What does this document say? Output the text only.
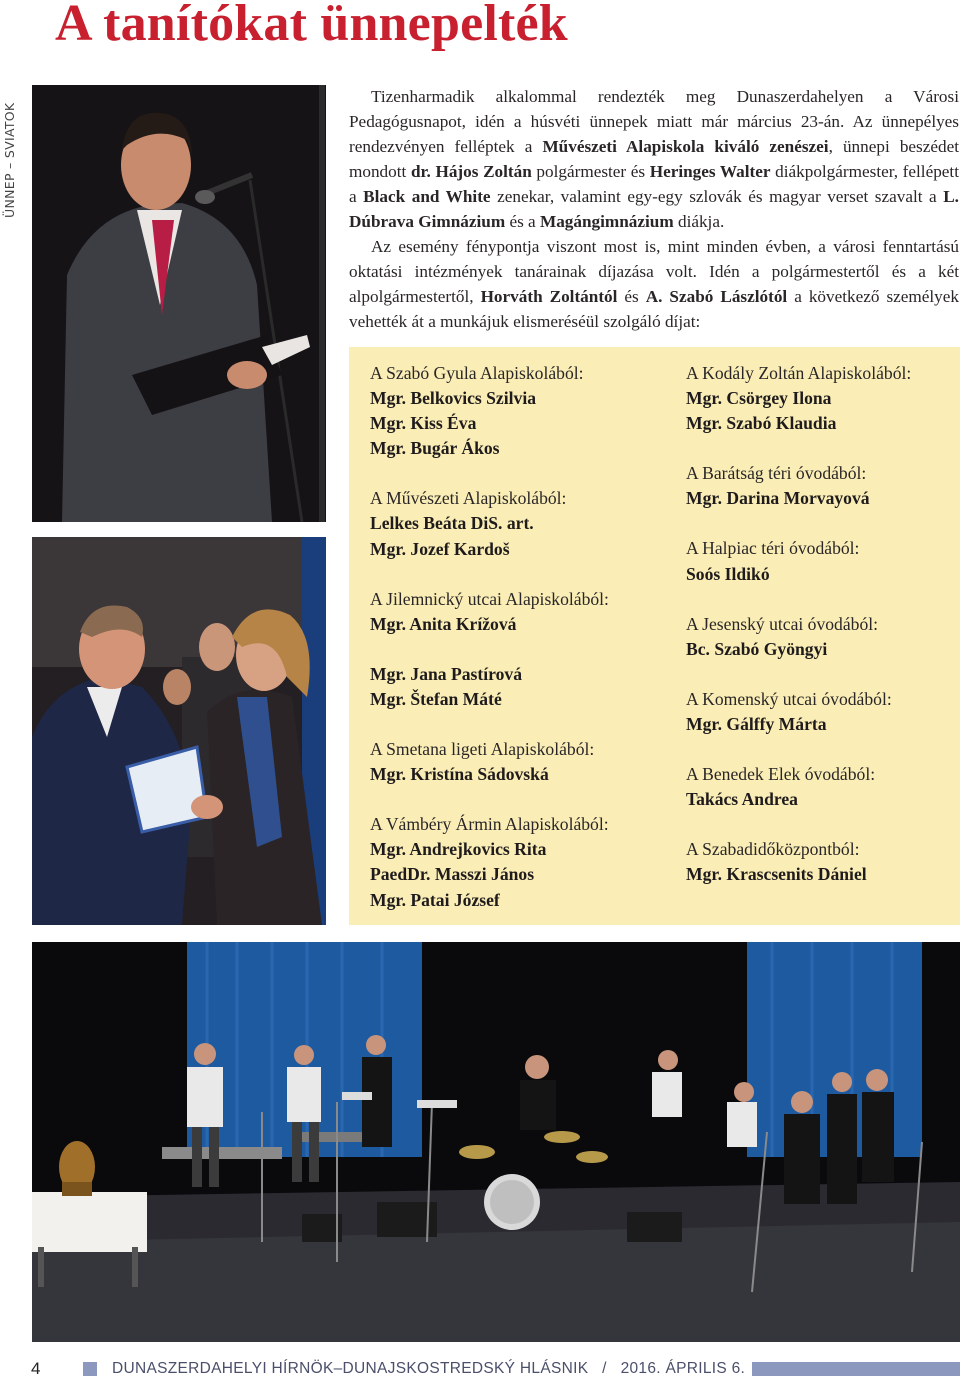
A tanítókat ünnepelték
ÜNNEP – SVIATOK

Tizenharmadik alkalommal rendezték meg Dunaszerdahelyen a Városi Pedagógusnapot, idén a húsvéti ünnepek miatt már március 23-án. Az ünnepélyes rendezvényen felléptek a Művészeti Alapiskola kiváló zenészei, ünnepi beszédet mondott dr. Hájos Zoltán polgármester és Heringes Walter diákpolgármester, fellépett a Black and White zenekar, valamint egy-egy szlovák és magyar verset szavalt a L. Dúbrava Gimnázium és a Magángimnázium diákja.

Az esemény fénypontja viszont most is, mint minden évben, a városi fenntartású oktatási intézmények tanárainak díjazása volt. Idén a polgármestertől és a két alpolgármestertől, Horváth Zoltántól és A. Szabó Lászlótól a következő személyek vehették át a munkájuk elismeréséül szolgáló díjat:

A Szabó Gyula Alapiskolából:
Mgr. Belkovics Szilvia
Mgr. Kiss Éva
Mgr. Bugár Ákos
A Művészeti Alapiskolából:
Lelkes Beáta DiS. art.
Mgr. Jozef Kardoš
A Jilemnický utcai Alapiskolából:
Mgr. Anita Krížová
Mgr. Jana Pastírová
Mgr. Štefan Máté
A Smetana ligeti Alapiskolából:
Mgr. Kristína Sádovská
A Vámbéry Ármin Alapiskolából:
Mgr. Andrejkovics Rita
PaedDr. Masszi János
Mgr. Patai József
A Kodály Zoltán Alapiskolából:
Mgr. Csörgey Ilona
Mgr. Szabó Klaudia
A Barátság téri óvodából:
Mgr. Darina Morvayová
A Halpiac téri óvodából:
Soós Ildikó
A Jesenský utcai óvodából:
Bc. Szabó Gyöngyi
A Komenský utcai óvodából:
Mgr. Gálffy Márta
A Benedek Elek óvodából:
Takács Andrea
A Szabadidőközpontból:
Mgr. Krascsenits Dániel
4	DUNASZERDAHELYI HÍRNÖK–DUNAJSKOSTREDSKÝ HLÁSNIK   /   2016. ÁPRILIS 6.
